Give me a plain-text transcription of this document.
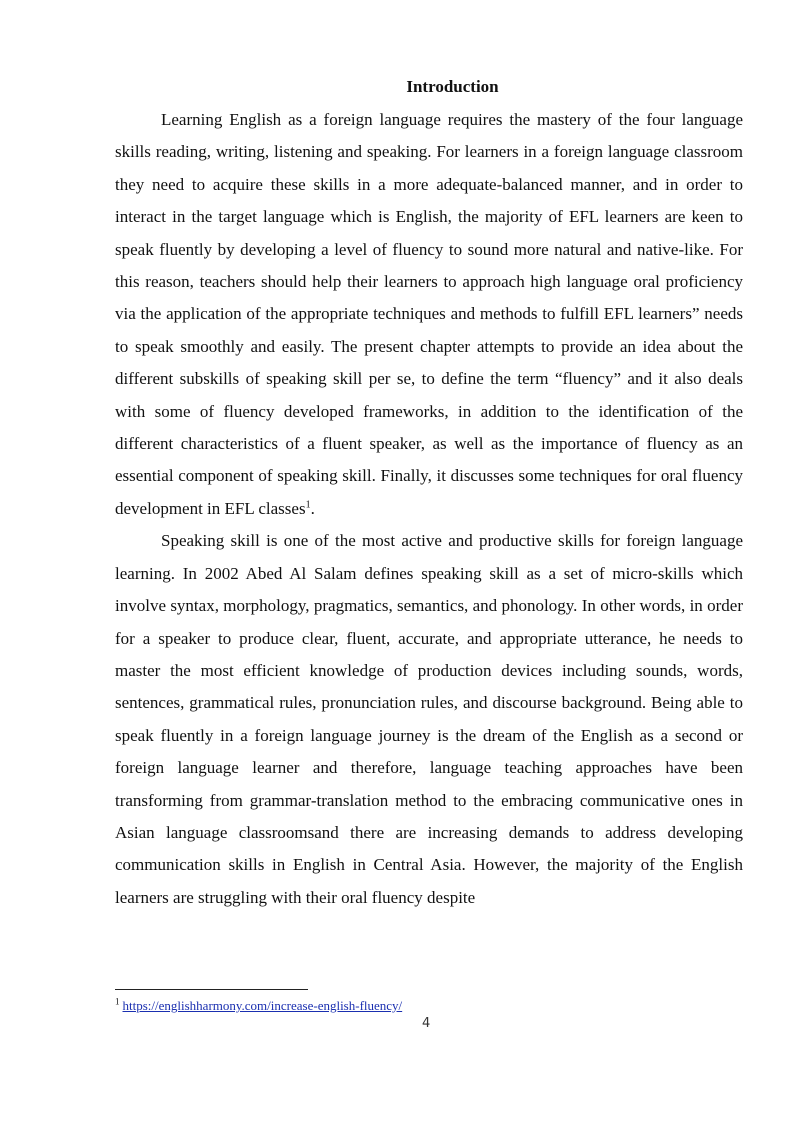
Introduction

Learning English as a foreign language requires the mastery of the four language skills reading, writing, listening and speaking. For learners in a foreign language classroom they need to acquire these skills in a more adequate-balanced manner, and in order to interact in the target language which is English, the majority of EFL learners are keen to speak fluently by developing a level of fluency to sound more natural and native-like. For this reason, teachers should help their learners to approach high language oral proficiency via the application of the appropriate techniques and methods to fulfill EFL learners” needs to speak smoothly and easily. The present chapter attempts to provide an idea about the different subskills of speaking skill per se, to define the term “fluency” and it also deals with some of fluency developed frameworks, in addition to the identification of the different characteristics of a fluent speaker, as well as the importance of fluency as an essential component of speaking skill. Finally, it discusses some techniques for oral fluency development in EFL classes$^1$.

Speaking skill is one of the most active and productive skills for foreign language learning. In 2002 Abed Al Salam defines speaking skill as a set of micro-skills which involve syntax, morphology, pragmatics, semantics, and phonology. In other words, in order for a speaker to produce clear, fluent, accurate, and appropriate utterance, he needs to master the most efficient knowledge of production devices including sounds, words, sentences, grammatical rules, pronunciation rules, and discourse background. Being able to speak fluently in a foreign language journey is the dream of the English as a second or foreign language learner and therefore, language teaching approaches have been transforming from grammar-translation method to the embracing communicative ones in Asian language classroomsand there are increasing demands to address developing communication skills in English in Central Asia. However, the majority of the English learners are struggling with their oral fluency despite

$^1$ https://englishharmony.com/increase-english-fluency/
4
